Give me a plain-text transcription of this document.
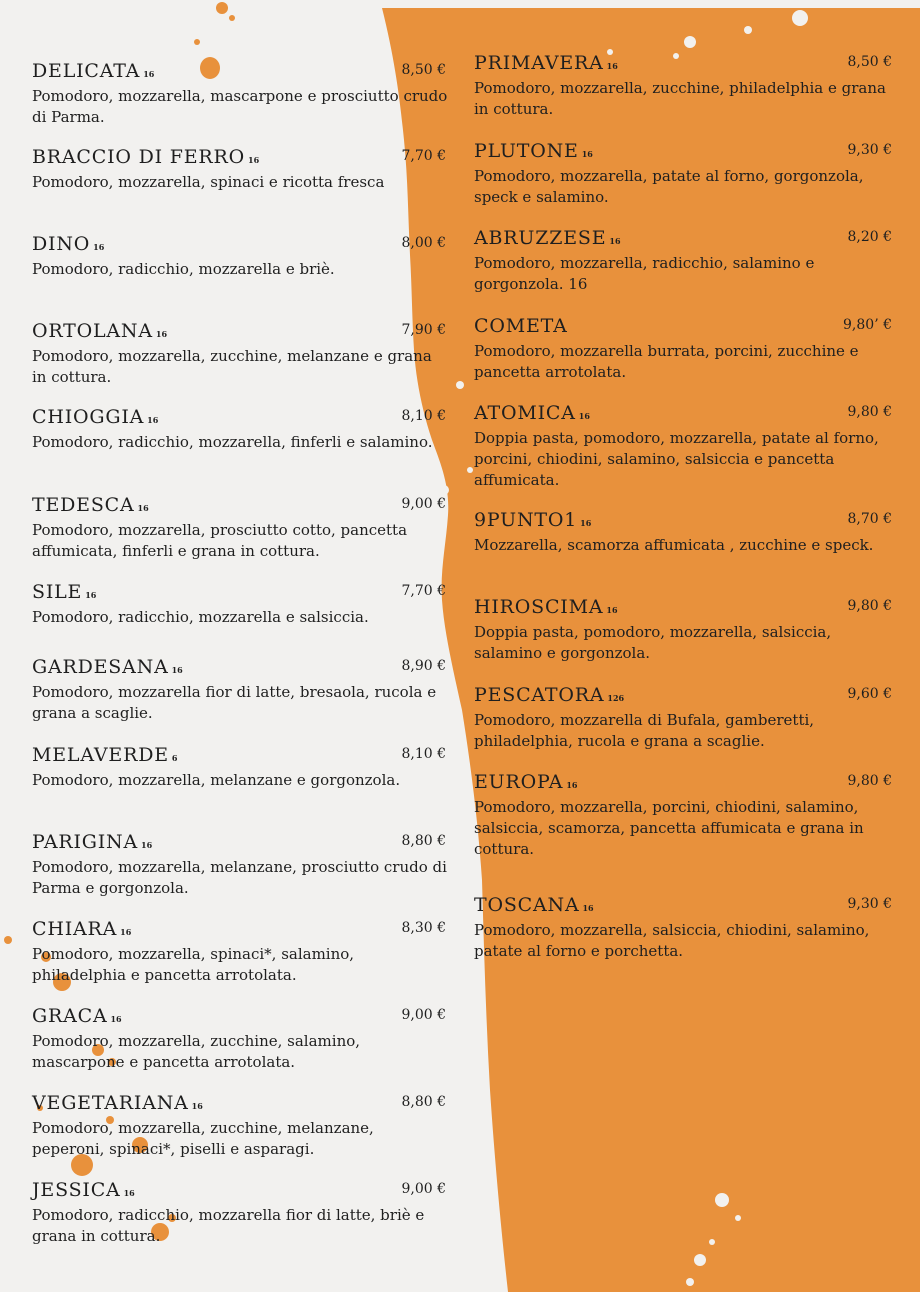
DELICATA 16	8,50 €
Pomodoro, mozzarella, mascarpone e prosciutto crudo di Parma.
BRACCIO DI FERRO 16	7,70 €
Pomodoro, mozzarella, spinaci e ricotta fresca
DINO 16	8,00 €
Pomodoro, radicchio, mozzarella e briè.
ORTOLANA 16	7,90 €
Pomodoro, mozzarella, zucchine, melanzane e grana in cottura.
CHIOGGIA 16	8,10 €
Pomodoro, radicchio, mozzarella, finferli e salamino.
TEDESCA 16	9,00 €
Pomodoro, mozzarella, prosciutto cotto, pancetta affumicata, finferli e grana in cottura.
SILE 16	7,70 €
Pomodoro, radicchio, mozzarella e salsiccia.
GARDESANA 16	8,90 €
Pomodoro, mozzarella fior di latte, bresaola, rucola e grana a scaglie.
MELAVERDE 6	8,10 €
Pomodoro, mozzarella, melanzane e gorgonzola.
PARIGINA 16	8,80 €
Pomodoro, mozzarella, melanzane, prosciutto crudo di Parma e gorgonzola.
CHIARA 16	8,30 €
Pomodoro, mozzarella, spinaci*, salamino, philadelphia e pancetta arrotolata.
GRACA 16	9,00 €
Pomodoro, mozzarella, zucchine, salamino, mascarpone e pancetta arrotolata.
VEGETARIANA 16	8,80 €
Pomodoro, mozzarella, zucchine, melanzane, peperoni, spinaci*, piselli e asparagi.
JESSICA 16	9,00 €
Pomodoro, radicchio, mozzarella fior di latte, briè e grana in cottura.
PRIMAVERA 16	8,50 €
Pomodoro, mozzarella, zucchine, philadelphia e grana in cottura.
PLUTONE 16	9,30 €
Pomodoro, mozzarella, patate al forno, gorgonzola, speck e salamino.
ABRUZZESE 16	8,20 €
Pomodoro, mozzarella, radicchio, salamino e gorgonzola. 16
COMETA	9,80’ €
Pomodoro, mozzarella burrata, porcini, zucchine e pancetta arrotolata.
ATOMICA 16	9,80 €
Doppia pasta, pomodoro, mozzarella, patate al forno, porcini, chiodini, salamino, salsiccia e pancetta affumicata.
9PUNTO1 16	8,70 €
Mozzarella, scamorza affumicata , zucchine e speck.
HIROSCIMA 16	9,80 €
Doppia pasta, pomodoro, mozzarella, salsiccia, salamino e gorgonzola.
PESCATORA 126	9,60 €
Pomodoro, mozzarella di Bufala, gamberetti, philadelphia, rucola e grana a scaglie.
EUROPA 16	9,80 €
Pomodoro, mozzarella, porcini, chiodini, salamino, salsiccia, scamorza, pancetta affumicata e grana in cottura.
TOSCANA 16	9,30 €
Pomodoro, mozzarella, salsiccia, chiodini, salamino, patate al forno e porchetta.
